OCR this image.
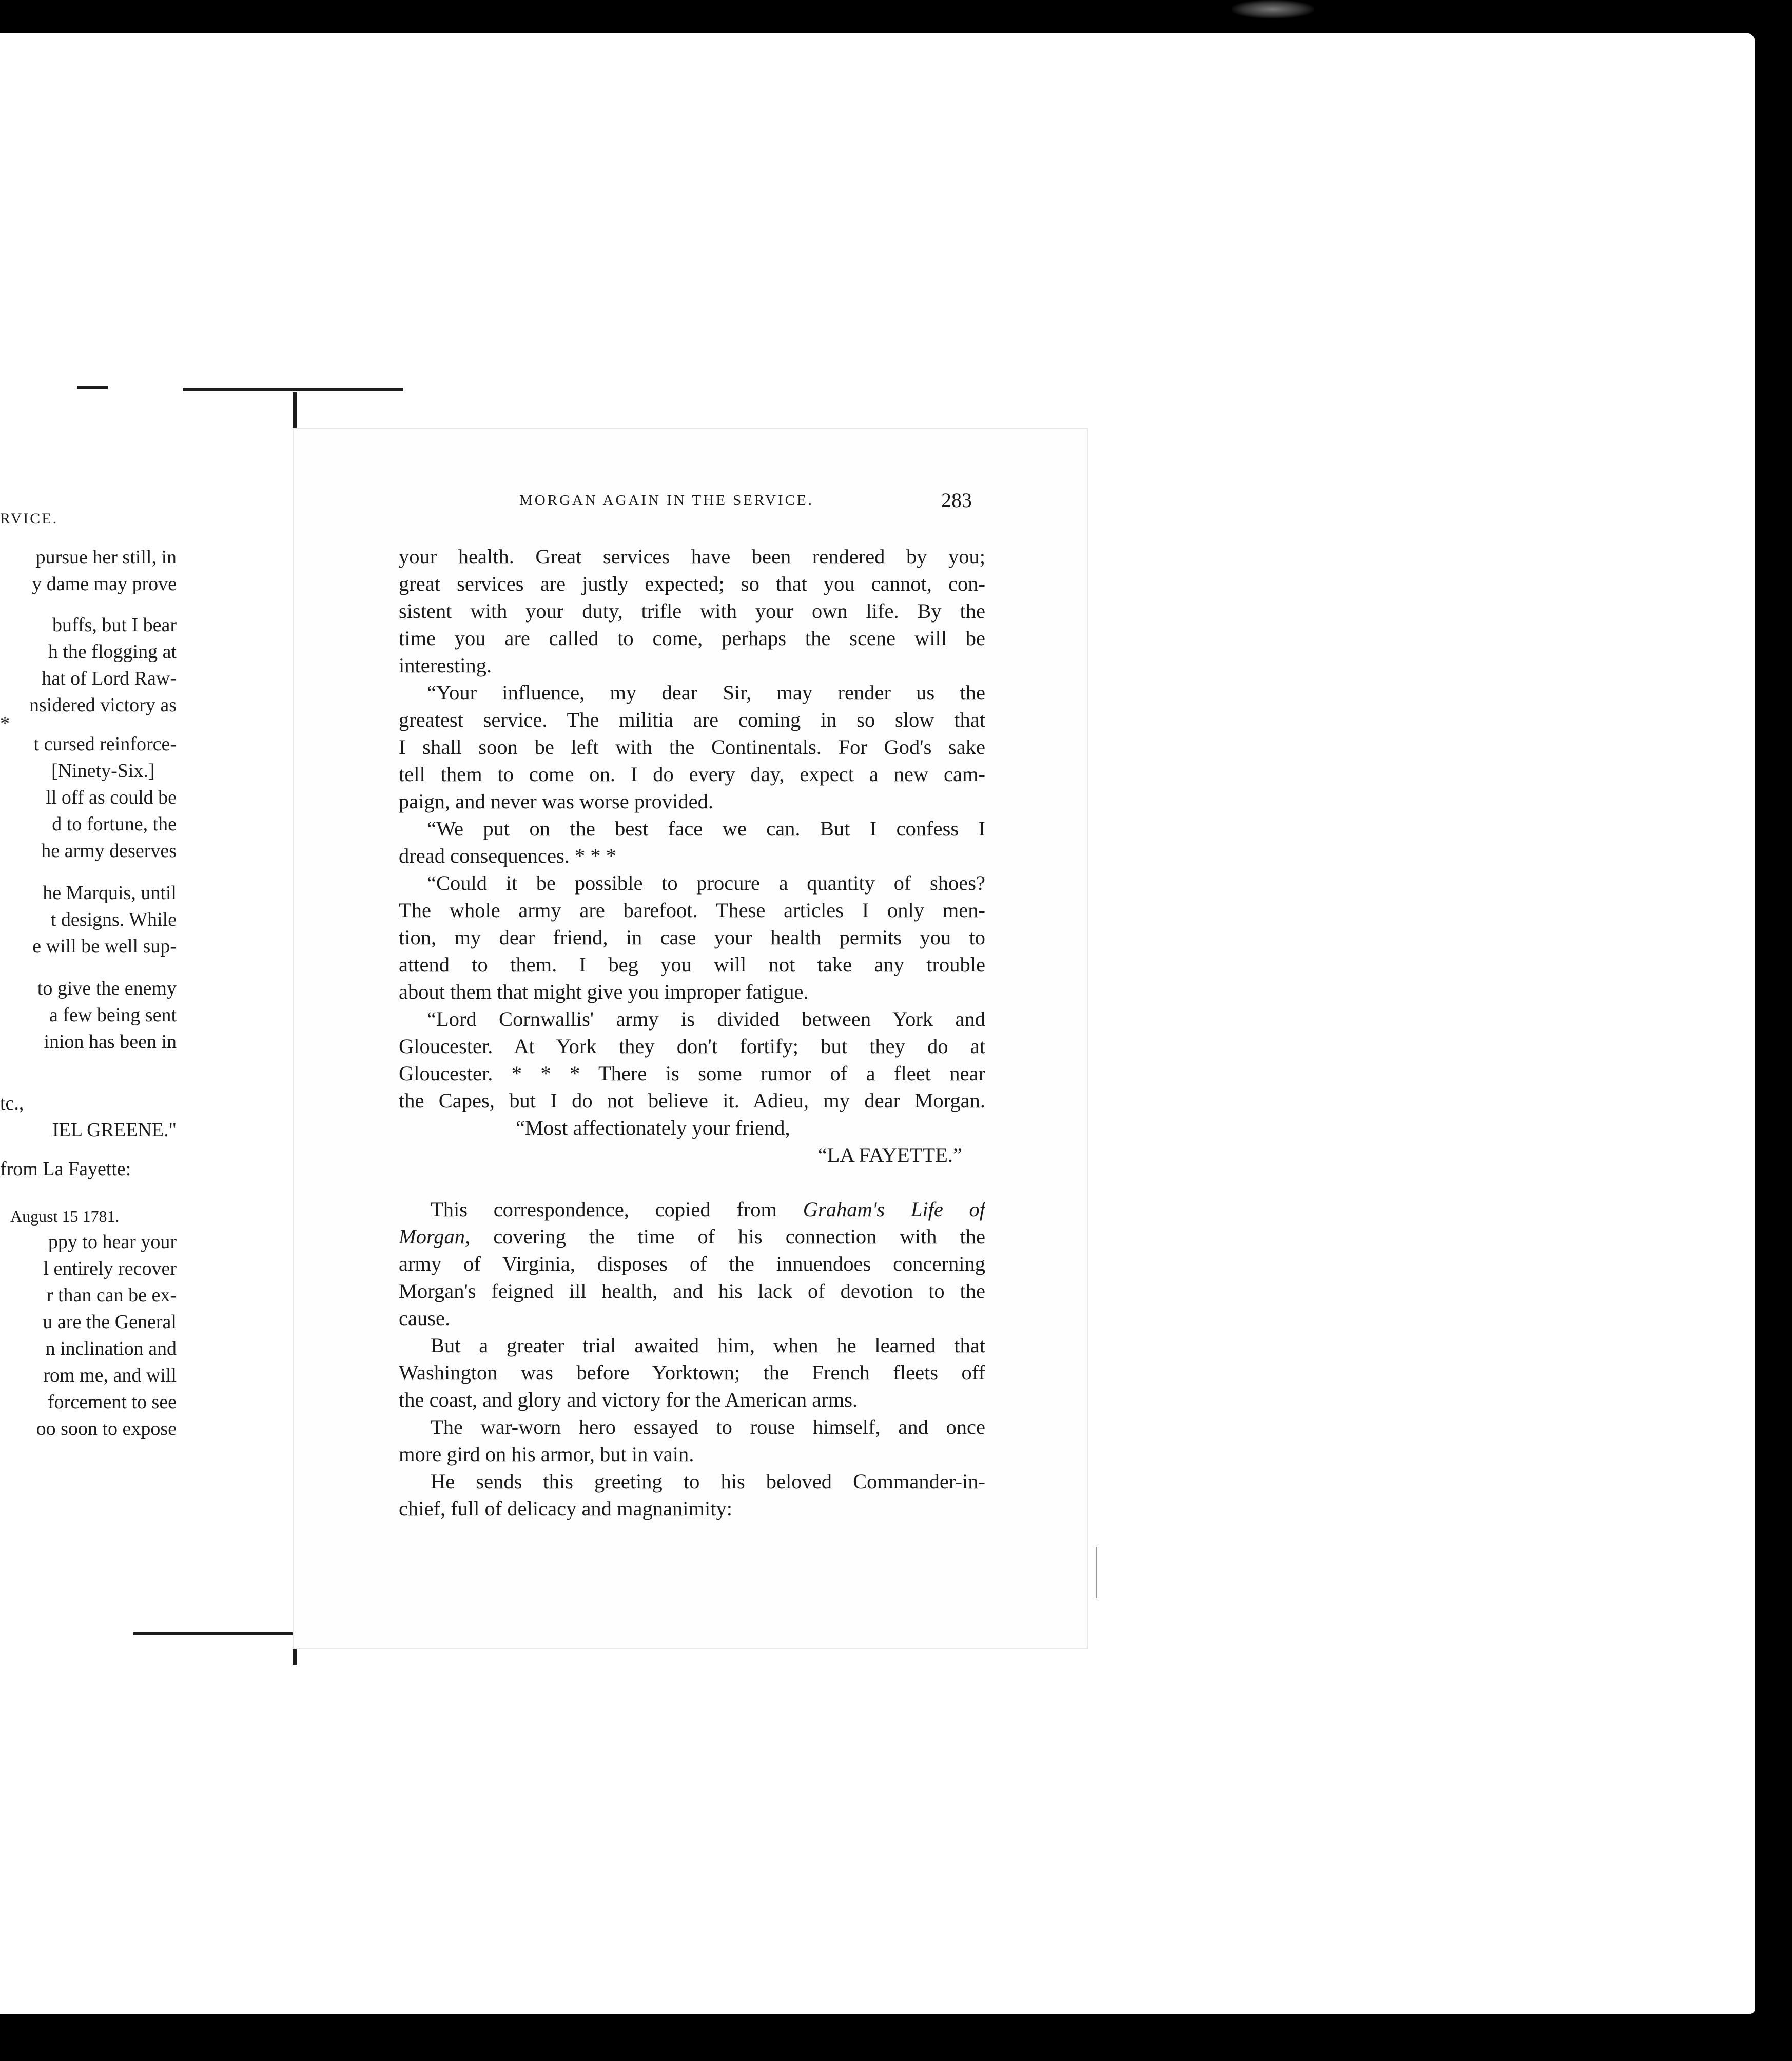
RVICE.
pursue her still, in
y dame may prove
buffs, but I bear
h the flogging at
hat of Lord Raw-
nsidered victory as
*
t cursed reinforce-
[Ninety-Six.]
ll off as could be
d to fortune, the
he army deserves
he Marquis, until
t designs. While
e will be well sup-
to give the enemy
a few being sent
inion has been in
tc.,
IEL GREENE."
from La Fayette:
August 15 1781.
ppy to hear your
l entirely recover
r than can be ex-
u are the General
n inclination and
rom me, and will
forcement to see
oo soon to expose
MORGAN AGAIN IN THE SERVICE.	283
your health. Great services have been rendered by you;
great services are justly expected; so that you cannot, con-
sistent with your duty, trifle with your own life. By the
time you are called to come, perhaps the scene will be
interesting.
“Your influence, my dear Sir, may render us the
greatest service. The militia are coming in so slow that
I shall soon be left with the Continentals. For God's sake
tell them to come on. I do every day, expect a new cam-
paign, and never was worse provided.
“We put on the best face we can. But I confess I
dread consequences. * * *
“Could it be possible to procure a quantity of shoes?
The whole army are barefoot. These articles I only men-
tion, my dear friend, in case your health permits you to
attend to them. I beg you will not take any trouble
about them that might give you improper fatigue.
“Lord Cornwallis' army is divided between York and
Gloucester. At York they don't fortify; but they do at
Gloucester. * * * There is some rumor of a fleet near
the Capes, but I do not believe it. Adieu, my dear Morgan.
“Most affectionately your friend,
“LA FAYETTE.”
This correspondence, copied from Graham's Life of
Morgan, covering the time of his connection with the
army of Virginia, disposes of the innuendoes concerning
Morgan's feigned ill health, and his lack of devotion to the
cause.
But a greater trial awaited him, when he learned that
Washington was before Yorktown; the French fleets off
the coast, and glory and victory for the American arms.
The war-worn hero essayed to rouse himself, and once
more gird on his armor, but in vain.
He sends this greeting to his beloved Commander-in-
chief, full of delicacy and magnanimity:
